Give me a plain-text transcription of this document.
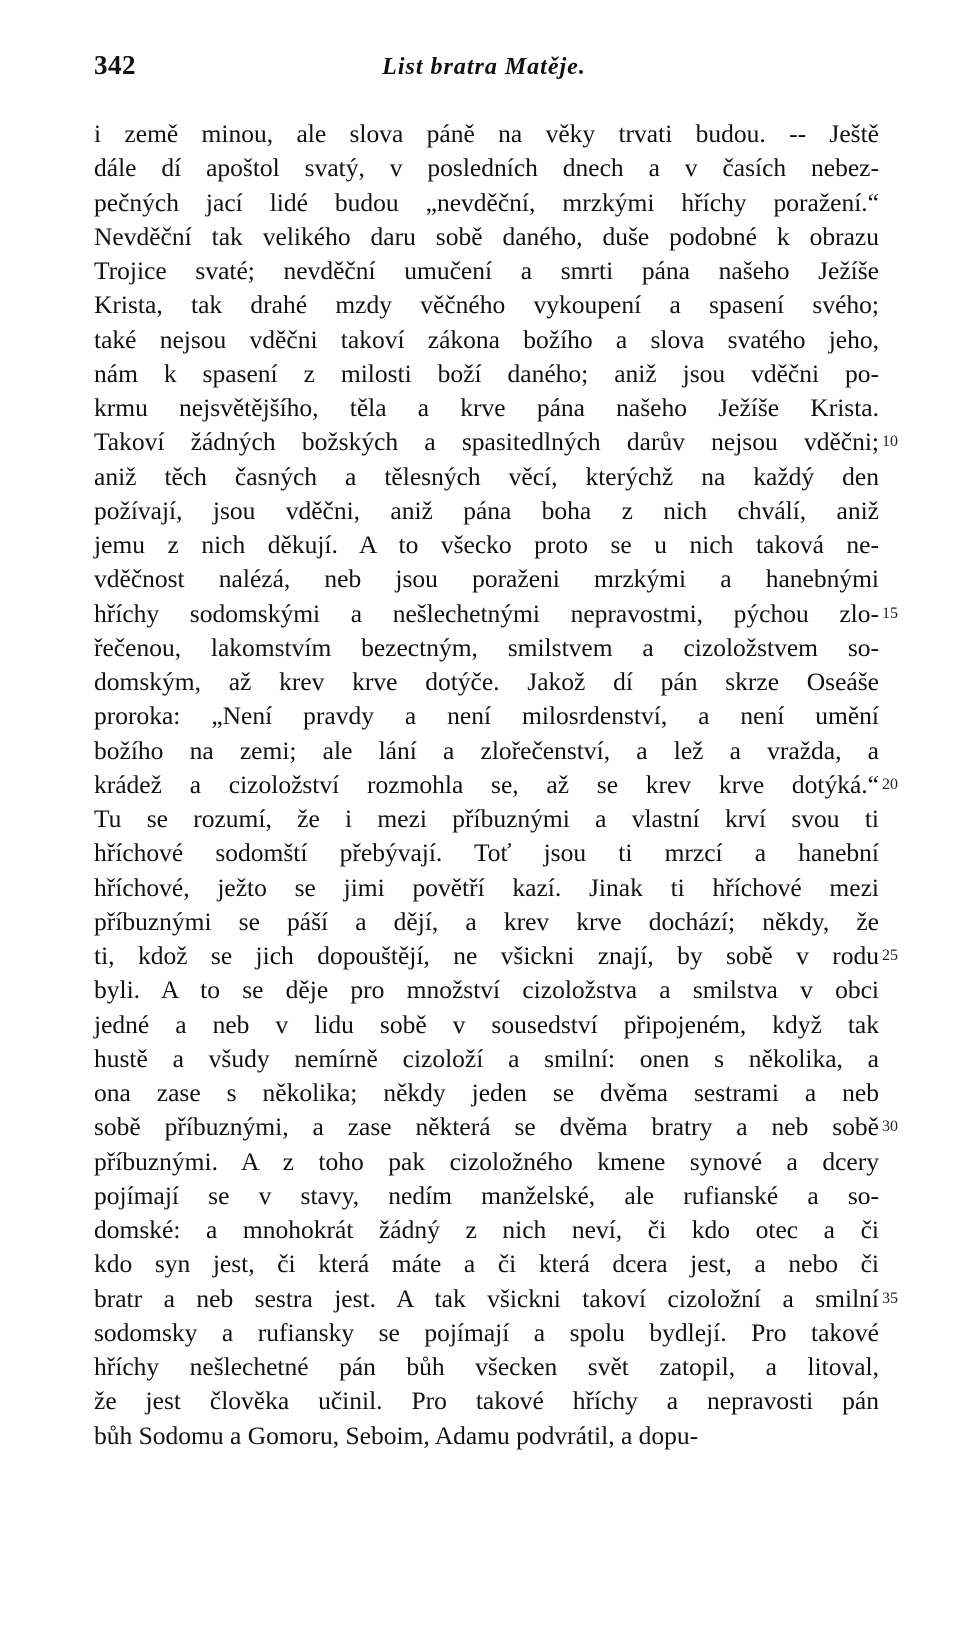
342	List bratra Matěje.
i země minou, ale slova páně na věky trvati budou. -- Ještě
dále dí apoštol svatý, v posledních dnech a v časích nebez-
pečných jací lidé budou „nevděční, mrzkými hříchy poražení.“
Nevděční tak velikého daru sobě daného, duše podobné k obrazu
Trojice svaté; nevděční umučení a smrti pána našeho Ježíše
Krista, tak drahé mzdy věčného vykoupení a spasení svého;
také nejsou vděčni takoví zákona božího a slova svatého jeho,
nám k spasení z milosti boží daného; aniž jsou vděčni po-
krmu nejsvětějšího, těla a krve pána našeho Ježíše Krista.
Takoví žádných božských a spasitedlných darův nejsou vděčni; 10
aniž těch časných a tělesných věcí, kterýchž na každý den
požívají, jsou vděčni, aniž pána boha z nich chválí, aniž
jemu z nich děkují. A to všecko proto se u nich taková ne-
vděčnost nalézá, neb jsou poraženi mrzkými a hanebnými
hříchy sodomskými a nešlechetnými nepravostmi, pýchou zlo- 15
řečenou, lakomstvím bezectným, smilstvem a cizoložstvem so-
domským, až krev krve dotýče. Jakož dí pán skrze Oseáše
proroka: „Není pravdy a není milosrdenství, a není umění
božího na zemi; ale lání a zlořečenství, a lež a vražda, a
krádež a cizoložství rozmohla se, až se krev krve dotýká.“ 20
Tu se rozumí, že i mezi příbuznými a vlastní krví svou ti
hříchové sodomští přebývají. Toť jsou ti mrzcí a hanební
hříchové, ježto se jimi povětří kazí. Jinak ti hříchové mezi
příbuznými se páší a dějí, a krev krve dochází; někdy, že
ti, kdož se jich dopouštějí, ne všickni znají, by sobě v rodu 25
byli. A to se děje pro množství cizoložstva a smilstva v obci
jedné a neb v lidu sobě v sousedství připojeném, když tak
hustě a všudy nemírně cizoloží a smilní: onen s několika, a
ona zase s několika; někdy jeden se dvěma sestrami a neb
sobě příbuznými, a zase některá se dvěma bratry a neb sobě 30
příbuznými. A z toho pak cizoložného kmene synové a dcery
pojímají se v stavy, nedím manželské, ale rufianské a so-
domské: a mnohokrát žádný z nich neví, či kdo otec a či
kdo syn jest, či která máte a či která dcera jest, a nebo či
bratr a neb sestra jest. A tak všickni takoví cizoložní a smilní 35
sodomsky a rufiansky se pojímají a spolu bydlejí. Pro takové
hříchy nešlechetné pán bůh všecken svět zatopil, a litoval,
že jest člověka učinil. Pro takové hříchy a nepravosti pán
bůh Sodomu a Gomoru, Seboim, Adamu podvrátil, a dopu-
